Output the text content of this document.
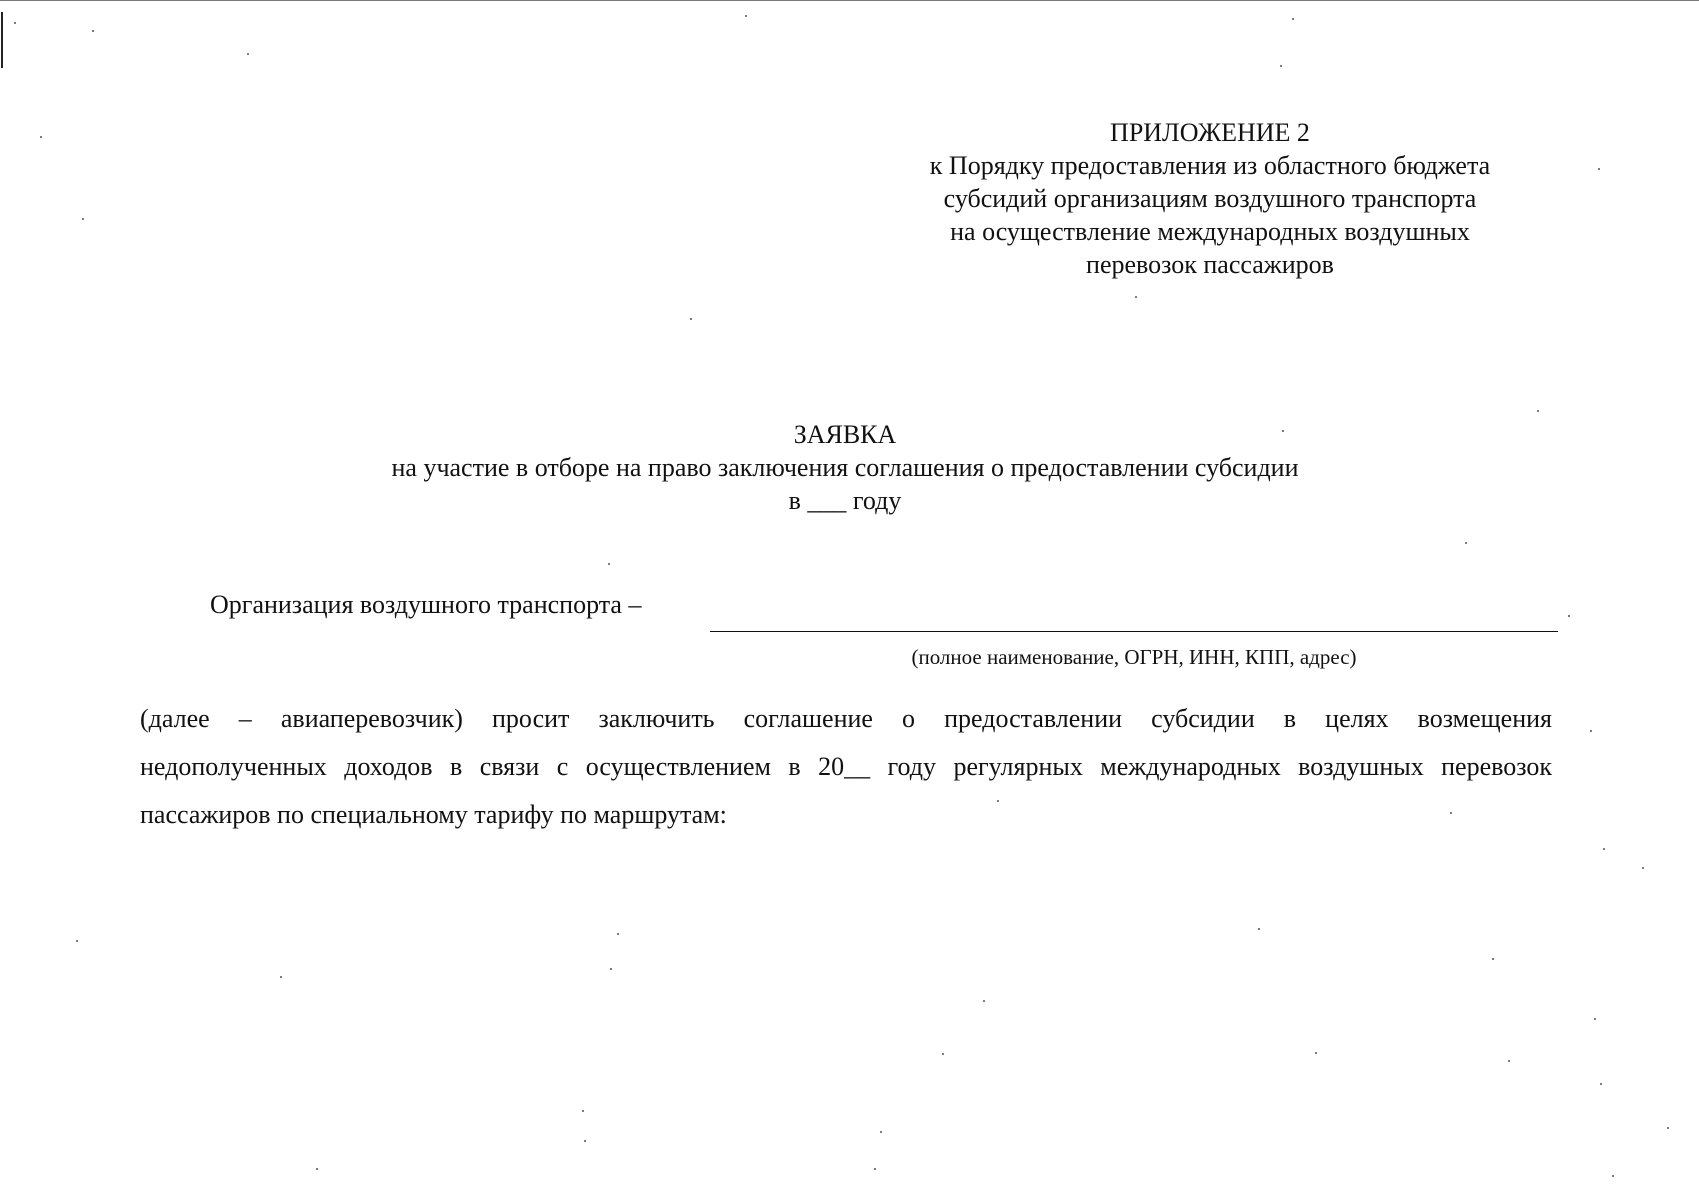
ПРИЛОЖЕНИЕ 2
к Порядку предоставления из областного бюджета
субсидий организациям воздушного транспорта
на осуществление международных воздушных
перевозок пассажиров
ЗАЯВКА
на участие в отборе на право заключения соглашения о предоставлении субсидии
в ___ году
Организация воздушного транспорта –
(полное наименование, ОГРН, ИНН, КПП, адрес)
(далее – авиаперевозчик) просит заключить соглашение о предоставлении субсидии в целях возмещения
недополученных доходов в связи с осуществлением в 20__ году регулярных международных воздушных перевозок
пассажиров по специальному тарифу по маршрутам:
